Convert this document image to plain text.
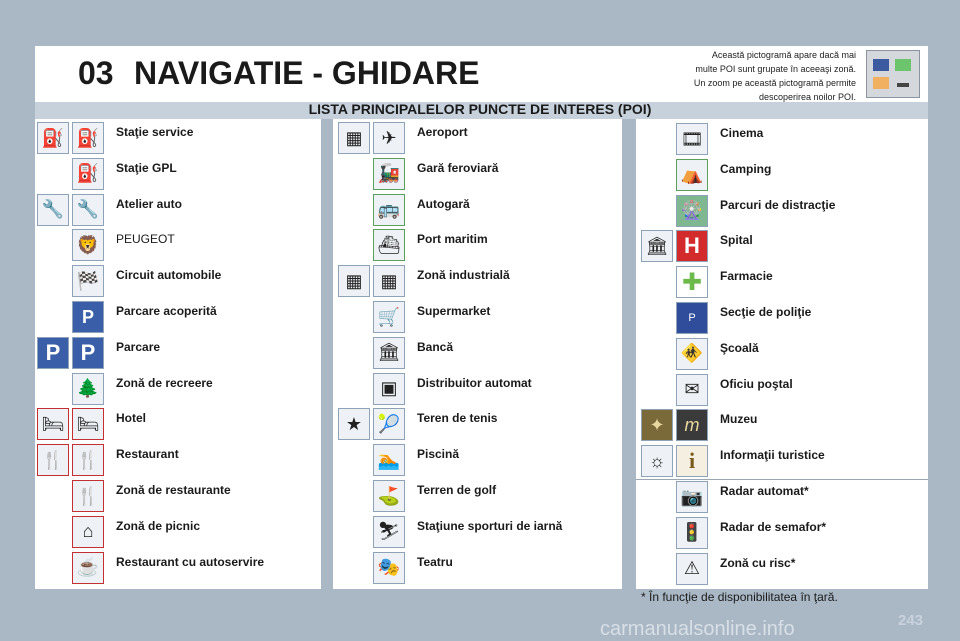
03 NAVIGATIE - GHIDARE	Această pictogramă apare dacă mai
multe POI sunt grupate în aceeaşi zonă.
Un zoom pe această pictogramă permite
descoperirea noilor POI.
LISTA PRINCIPALELOR PUNCTE DE INTERES (POI)
⛽ ⛽	Staţie service
⛽	Staţie GPL
🔧 🔧	Atelier auto
🦁	PEUGEOT
🏁	Circuit automobile
P	Parcare acoperită
P P	Parcare
🌲	Zonă de recreere
🛏 🛏	Hotel
🍴 🍴	Restaurant
🍴	Zonă de restaurante
⌂	Zonă de picnic
☕	Restaurant cu autoservire
▦	✈	Aeroport
🚂	Gară feroviară
🚌	Autogară
⛴	Port maritim
▦ ▦	Zonă industrială
🛒	Supermarket
🏛	Bancă
▣	Distribuitor automat
★ 🎾	Teren de tenis
🏊	Piscină
⛳	Terren de golf
⛷	Staţiune sporturi de iarnă
🎭	Teatru
🎞	Cinema
⛺	Camping
🎡	Parcuri de distracţie
🏛 H	Spital
✚	Farmacie
P	Secţie de poliţie
🚸	Şcoală
✉	Oficiu poştal
✦	m	Muzeu
☼	i	Informaţii turistice
📷	Radar automat*
🚦	Radar de semafor*
⚠	Zonă cu risc*
* În funcţie de disponibilitatea în ţară.
carmanualsonline.info	243
